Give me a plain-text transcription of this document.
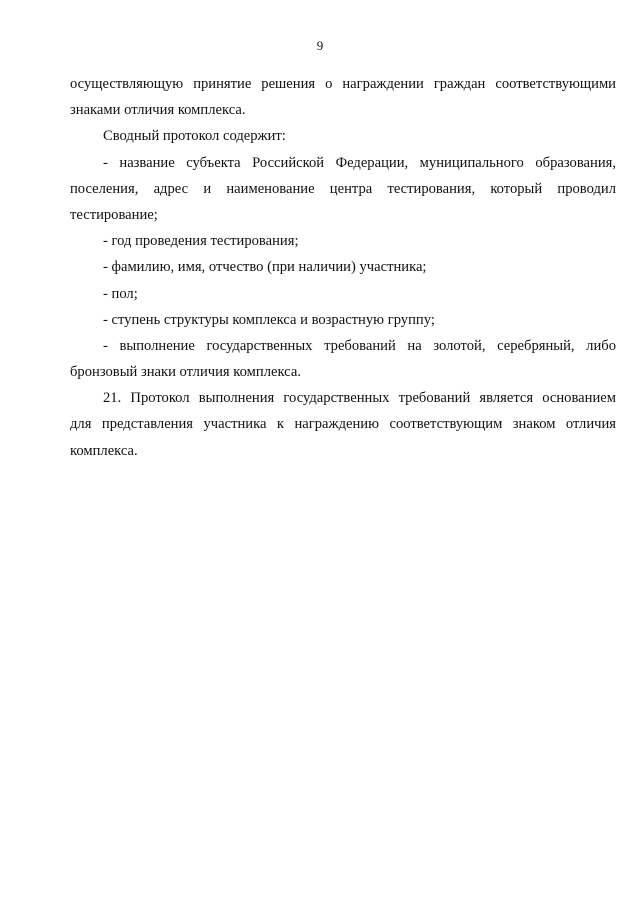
9
осуществляющую принятие решения о награждении граждан соответствующими
знаками отличия комплекса.
Сводный протокол содержит:
- название субъекта Российской Федерации, муниципального образования,
поселения, адрес и наименование центра тестирования, который проводил
тестирование;
- год проведения тестирования;
- фамилию, имя, отчество (при наличии) участника;
- пол;
- ступень структуры комплекса и возрастную группу;
- выполнение государственных требований на золотой, серебряный, либо
бронзовый знаки отличия комплекса.
21. Протокол выполнения государственных требований является основанием
для представления участника к награждению соответствующим знаком отличия
комплекса.
